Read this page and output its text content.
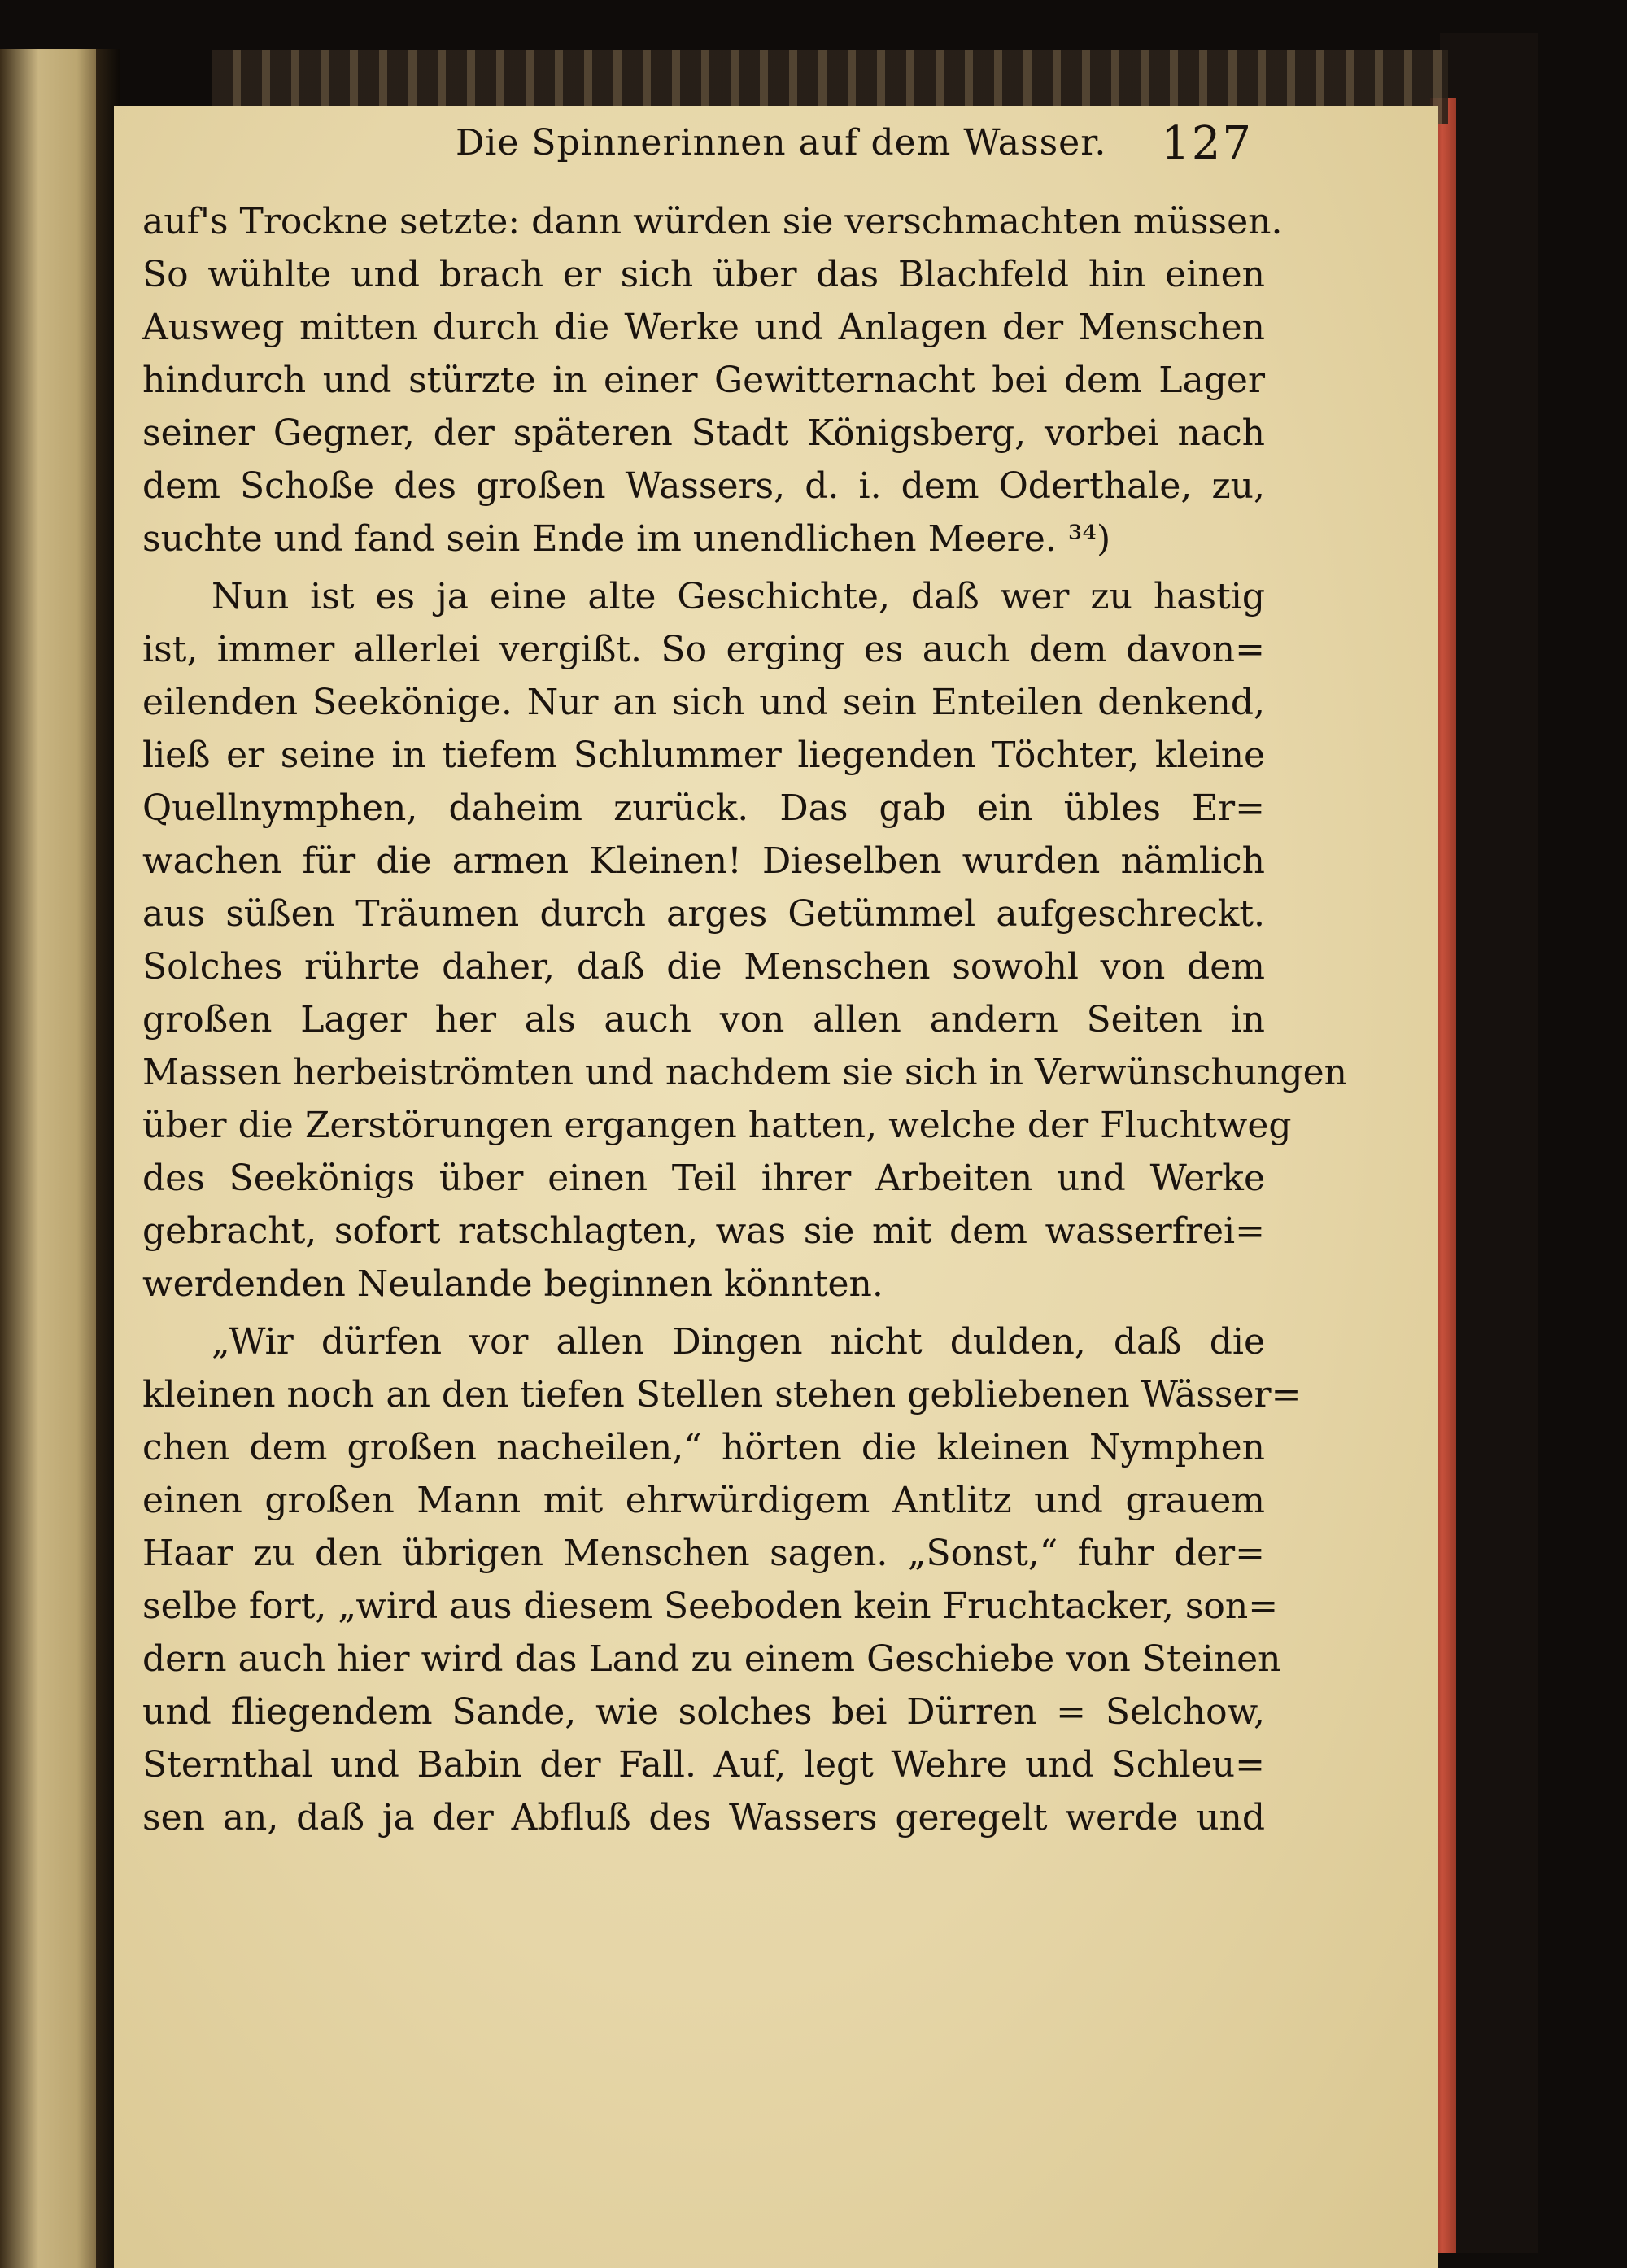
Die Spinnerinnen auf dem Wasser. 127
auf's Trockne setzte: dann würden sie verschmachten müssen.
So wühlte und brach er sich über das Blachfeld hin einen
Ausweg mitten durch die Werke und Anlagen der Menschen
hindurch und stürzte in einer Gewitternacht bei dem Lager
seiner Gegner, der späteren Stadt Königsberg, vorbei nach
dem Schoße des großen Wassers, d. i. dem Oderthale, zu,
suchte und fand sein Ende im unendlichen Meere. ³⁴)
Nun ist es ja eine alte Geschichte, daß wer zu hastig
ist, immer allerlei vergißt. So erging es auch dem davon=
eilenden Seekönige. Nur an sich und sein Enteilen denkend,
ließ er seine in tiefem Schlummer liegenden Töchter, kleine
Quellnymphen, daheim zurück. Das gab ein übles Er=
wachen für die armen Kleinen! Dieselben wurden nämlich
aus süßen Träumen durch arges Getümmel aufgeschreckt.
Solches rührte daher, daß die Menschen sowohl von dem
großen Lager her als auch von allen andern Seiten in
Massen herbeiströmten und nachdem sie sich in Verwünschungen
über die Zerstörungen ergangen hatten, welche der Fluchtweg
des Seekönigs über einen Teil ihrer Arbeiten und Werke
gebracht, sofort ratschlagten, was sie mit dem wasserfrei=
werdenden Neulande beginnen könnten.
„Wir dürfen vor allen Dingen nicht dulden, daß die
kleinen noch an den tiefen Stellen stehen gebliebenen Wässer=
chen dem großen nacheilen,“ hörten die kleinen Nymphen
einen großen Mann mit ehrwürdigem Antlitz und grauem
Haar zu den übrigen Menschen sagen. „Sonst,“ fuhr der=
selbe fort, „wird aus diesem Seeboden kein Fruchtacker, son=
dern auch hier wird das Land zu einem Geschiebe von Steinen
und fliegendem Sande, wie solches bei Dürren = Selchow,
Sternthal und Babin der Fall. Auf, legt Wehre und Schleu=
sen an, daß ja der Abfluß des Wassers geregelt werde und
